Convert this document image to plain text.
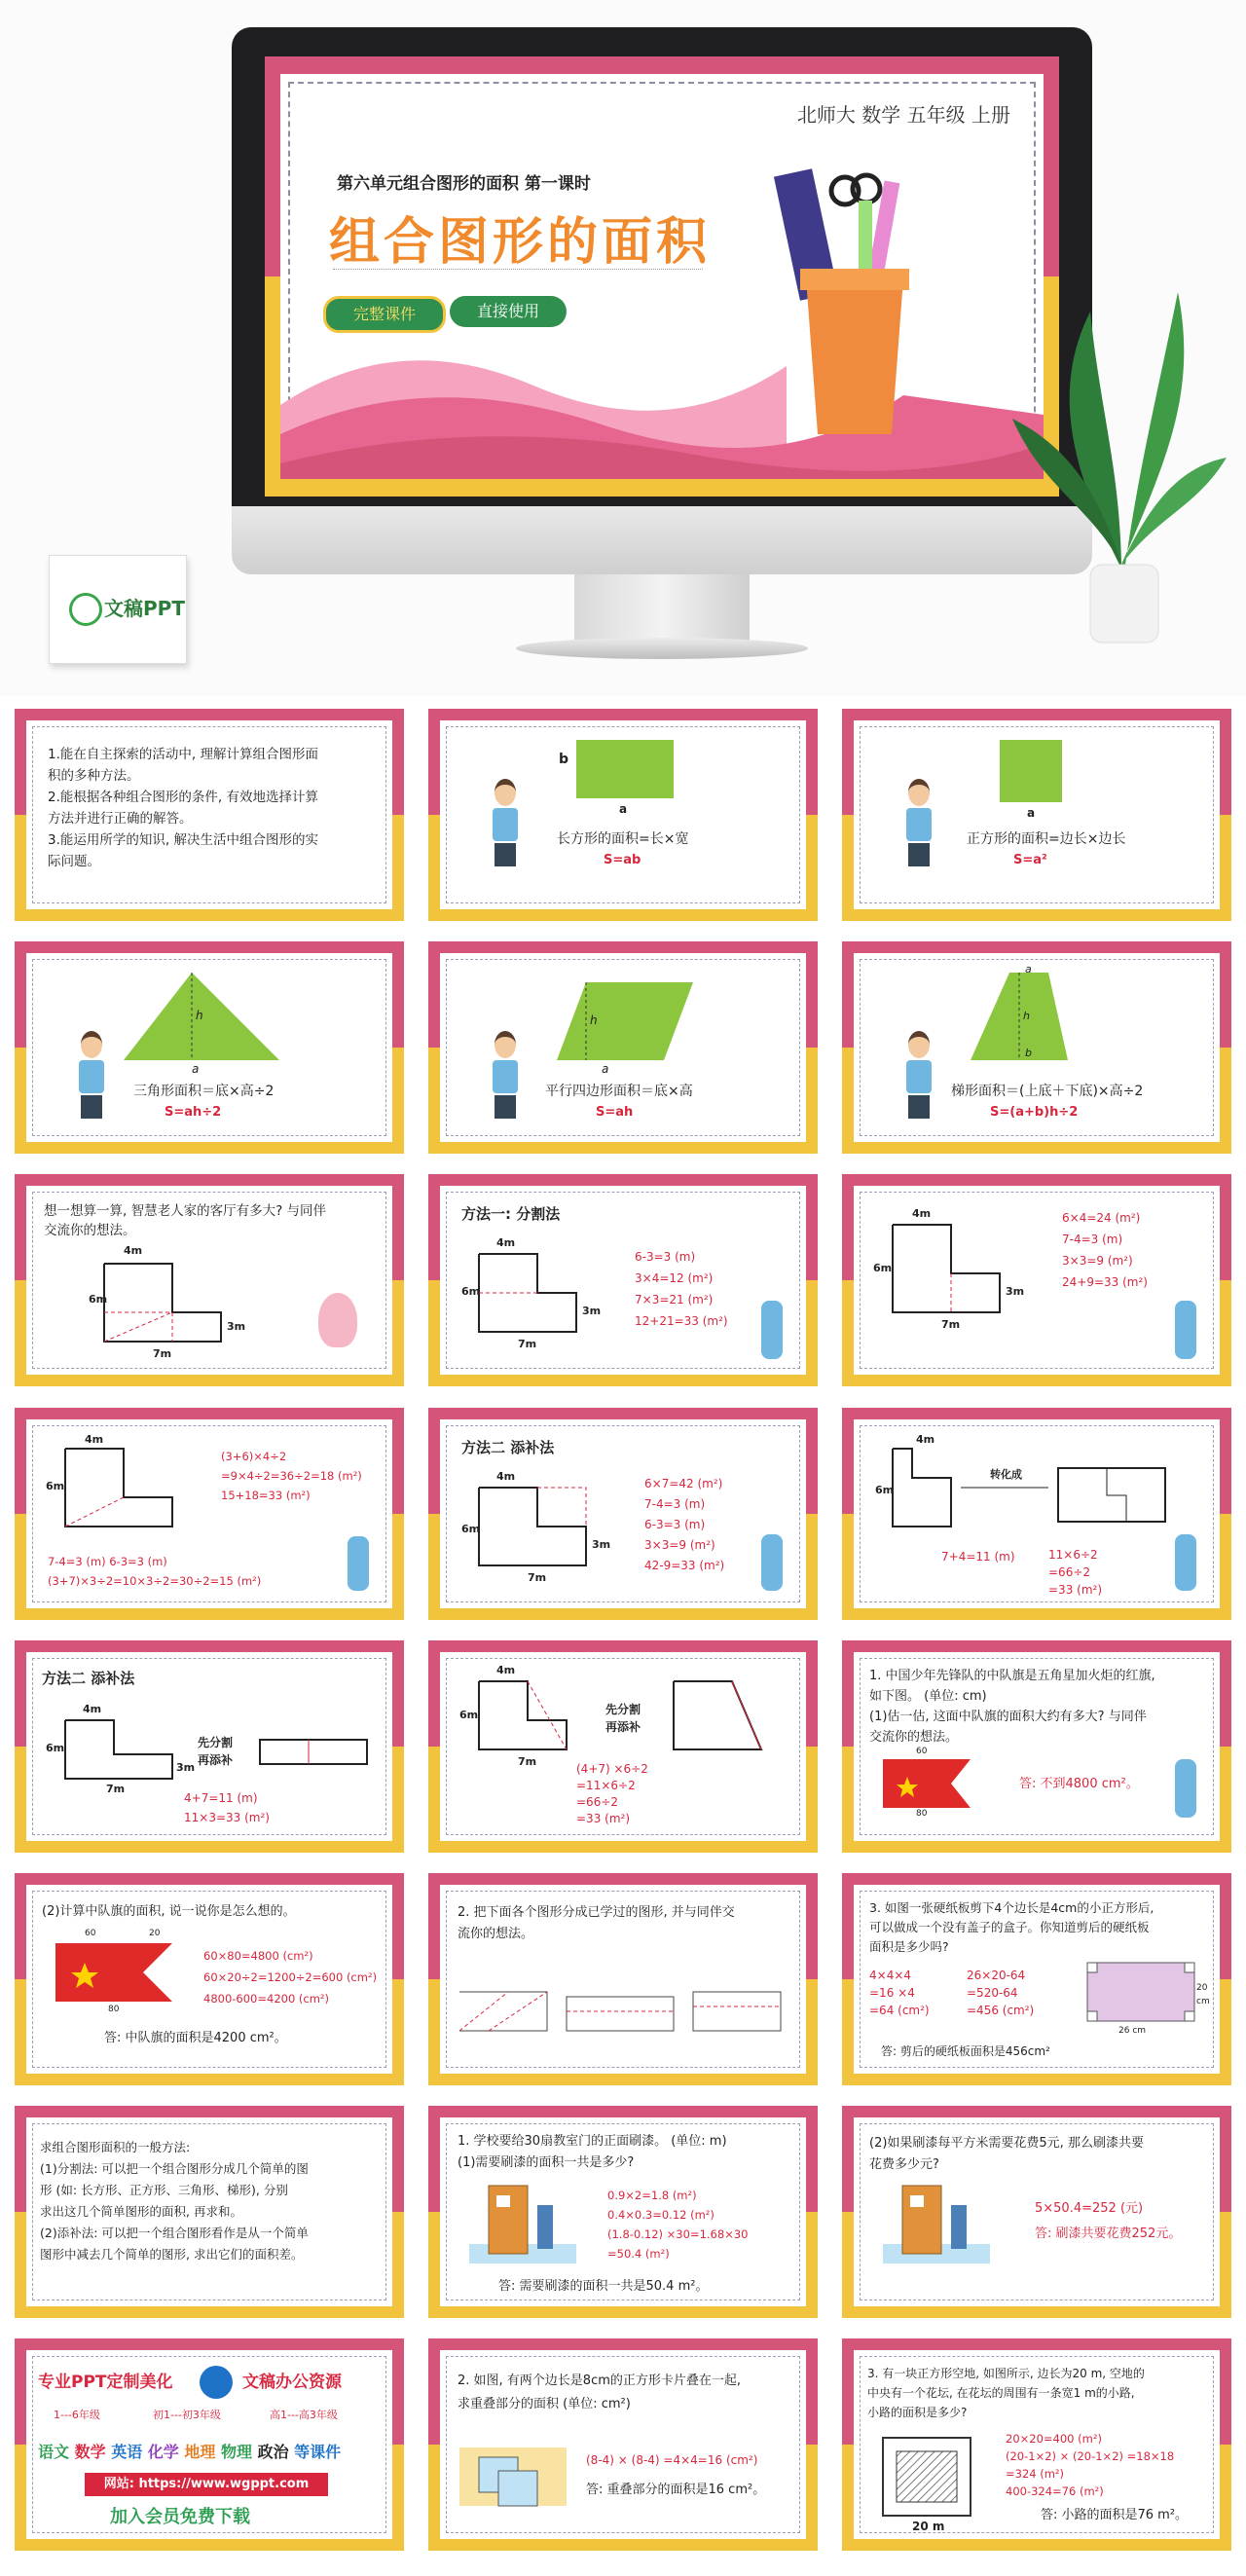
北师大 数学 五年级 上册
第六单元组合图形的面积 第一课时
组合图形的面积
完整课件	直接使用
文稿PPT
1.能在自主探索的活动中, 理解计算组合图形面
积的多种方法。
2.能根据各种组合图形的条件, 有效地选择计算
方法并进行正确的解答。
3.能运用所学的知识, 解决生活中组合图形的实
际问题。
b
a
长方形的面积=长×宽
S=ab
a
正方形的面积=边长×边长
S=a²
h
a
三角形面积＝底×高÷2
S=ah÷2
h
a
平行四边形面积＝底×高
S=ah
a
h
b
梯形面积＝(上底＋下底)×高÷2
S=(a+b)h÷2
想一想算一算, 智慧老人家的客厅有多大? 与同伴
交流你的想法。
4m
6m
3m
7m
方法一: 分割法
4m
6m
7m
3m
6-3=3 (m)
3×4=12 (m²)
7×3=21 (m²)
12+21=33 (m²)
4m
6m
7m
3m
6×4=24 (m²)
7-4=3 (m)
3×3=9 (m²)
24+9=33 (m²)
4m
6m
(3+6)×4÷2
=9×4÷2=36÷2=18 (m²)
15+18=33 (m²)
7-4=3 (m) 6-3=3 (m)
(3+7)×3÷2=10×3÷2=30÷2=15 (m²)
方法二 添补法
4m
6m
3m
7m
6×7=42 (m²)
7-4=3 (m)
6-3=3 (m)
3×3=9 (m²)
42-9=33 (m²)
4m
6m
转化成
7+4=11 (m)	11×6÷2
=66÷2
=33 (m²)
方法二 添补法
4m
6m
3m
7m
先分割
再添补
4+7=11 (m)
11×3=33 (m²)
4m
6m
7m
先分割
再添补
(4+7) ×6÷2
=11×6÷2
=66÷2
=33 (m²)
1. 中国少年先锋队的中队旗是五角星加火炬的红旗,
如下图。 (单位: cm)
(1)估一估, 这面中队旗的面积大约有多大? 与同伴
交流你的想法。
60
80
答: 不到4800 cm²。
(2)计算中队旗的面积, 说一说你是怎么想的。
60	20
80
60×80=4800 (cm²)
60×20÷2=1200÷2=600 (cm²)
4800-600=4200 (cm²)
答: 中队旗的面积是4200 cm²。
2. 把下面各个图形分成已学过的图形, 并与同伴交
流你的想法。
3. 如图一张硬纸板剪下4个边长是4cm的小正方形后,
可以做成一个没有盖子的盒子。你知道剪后的硬纸板
面积是多少吗?
4×4×4
=16 ×4
=64 (cm²)
26×20-64
=520-64
=456 (cm²)
26 cm
20 cm
答: 剪后的硬纸板面积是456cm²
求组合图形面积的一般方法:
(1)分割法: 可以把一个组合图形分成几个简单的图
形 (如: 长方形、正方形、三角形、梯形), 分别
求出这几个简单图形的面积, 再求和。
(2)添补法: 可以把一个组合图形看作是从一个简单
图形中减去几个简单的图形, 求出它们的面积差。
1. 学校要给30扇教室门的正面刷漆。 (单位: m)
(1)需要刷漆的面积一共是多少?
0.9×2=1.8 (m²)
0.4×0.3=0.12 (m²)
(1.8-0.12) ×30=1.68×30
=50.4 (m²)
答: 需要刷漆的面积一共是50.4 m²。
(2)如果刷漆每平方米需要花费5元, 那么刷漆共要
花费多少元?
5×50.4=252 (元)
答: 刷漆共要花费252元。
专业PPT定制美化	文稿办公资源
1---6年级	初1---初3年级	高1---高3年级
语文 数学 英语 化学 地理 物理 政治 等课件
网站: https://www.wgppt.com
加入会员免费下载
2. 如图, 有两个边长是8cm的正方形卡片叠在一起,
求重叠部分的面积 (单位: cm²)
(8-4) × (8-4) =4×4=16 (cm²)
答: 重叠部分的面积是16 cm²。
3. 有一块正方形空地, 如图所示, 边长为20 m, 空地的
中央有一个花坛, 在花坛的周围有一条宽1 m的小路,
小路的面积是多少?
20 m
20×20=400 (m²)
(20-1×2) × (20-1×2) =18×18
=324 (m²)
400-324=76 (m²)
答: 小路的面积是76 m²。
